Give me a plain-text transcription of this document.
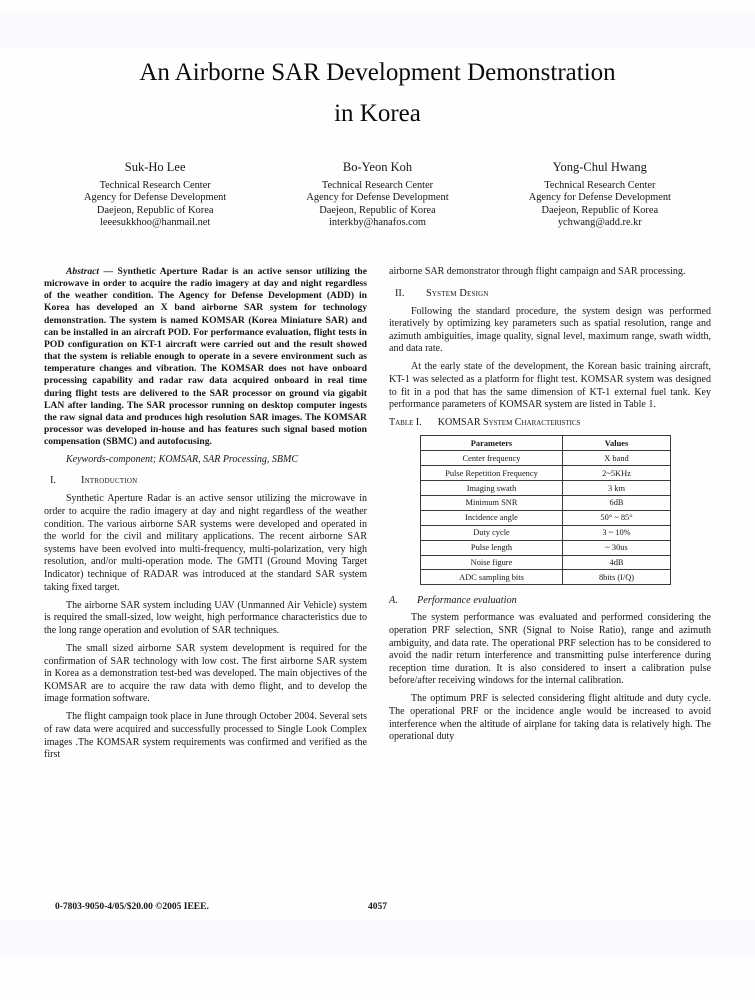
An Airborne SAR Development Demonstration
in Korea
Suk-Ho Lee
Technical Research Center
Agency for Defense Development
Daejeon, Republic of Korea
leeesukkhoo@hanmail.net
Bo-Yeon Koh
Technical Research Center
Agency for Defense Development
Daejeon, Republic of Korea
interkby@hanafos.com
Yong-Chul Hwang
Technical Research Center
Agency for Defense Development
Daejeon, Republic of Korea
ychwang@add.re.kr

Abstract — Synthetic Aperture Radar is an active sensor utilizing the microwave in order to acquire the radio imagery at day and night regardless of the weather condition. The Agency for Defense Development (ADD) in Korea has developed an X band airborne SAR system for technology demonstration. The system is named KOMSAR (Korea Miniature SAR) and can be installed in an aircraft POD. For performance evaluation, flight tests in POD configuration on KT-1 aircraft were carried out and the result showed that the system is reliable enough to operate in a severe environment such as temperature changes and vibration. The KOMSAR does not have onboard processing capability and radar raw data acquired onboard in real time during flight tests are delivered to the SAR processor on ground via gigabit LAN after landing. The SAR processor running on desktop computer ingests the raw signal data and produces high resolution SAR images. The KOMSAR processor was developed in-house and has features such signal based motion compensation (SBMC) and autofocusing.

Keywords-component; KOMSAR, SAR Processing, SBMC

I. Introduction

Synthetic Aperture Radar is an active sensor utilizing the microwave in order to acquire the radio imagery at day and night regardless of the weather condition. The various airborne SAR systems were developed and operated in the world for the civil and military applications. The recent airborne SAR systems have been evolved into multi-frequency, multi-polarization, very high resolution, and/or multi-operation mode. The GMTI (Ground Moving Target Indicator) technique of RADAR was introduced at the standard SAR system taking fixed target.

The airborne SAR system including UAV (Unmanned Air Vehicle) system is required the small-sized, low weight, high performance characteristics due to the long range operation and evolution of SAR techniques.

The small sized airborne SAR system development is required for the confirmation of SAR technology with low cost. The first airborne SAR system in Korea as a demonstration test-bed was developed. The main objectives of the KOMSAR are to acquire the raw data with demo flight, and to develop the image formation software.

The flight campaign took place in June through October 2004. Several sets of raw data were acquired and successfully processed to Single Look Complex images .The KOMSAR system requirements was confirmed and verified as the first

airborne SAR demonstrator through flight campaign and SAR processing.

II. System Design

Following the standard procedure, the system design was performed iteratively by optimizing key parameters such as spatial resolution, range and azimuth ambiguities, image quality, signal level, maximum range, swath width, and data rate.

At the early state of the development, the Korean basic training aircraft, KT-1 was selected as a platform for flight test. KOMSAR system was designed to fit in a pod that has the same dimension of KT-1 external fuel tank. Key performance parameters of KOMSAR system are listed in Table 1.

Table I. KOMSAR System Characteristics

Parameters	Values
Center frequency	X band
Pulse Repetition Frequency	2~5KHz
Imaging swath	3 km
Minimum SNR	6dB
Incidence angle	50° ~ 85°
Duty cycle	3 ~ 10%
Pulse length	~ 30us
Noise figure	4dB
ADC sampling bits	8bits (I/Q)
A. Performance evaluation

The system performance was evaluated and performed considering the operation PRF selection, SNR (Signal to Noise Ratio), range and azimuth ambiguity, and data rate. The operational PRF selection has to be considered to avoid the nadir return interference and transmitting pulse interference during reception time duration. It is also considered to insert a calibration pulse before/after receiving windows for the internal calibration.

The optimum PRF is selected considering flight altitude and duty cycle. The operational PRF or the incidence angle would be increased to avoid interference when the altitude of airplane for taking data is relatively high. The operational duty

0-7803-9050-4/05/$20.00 ©2005 IEEE.	4057
